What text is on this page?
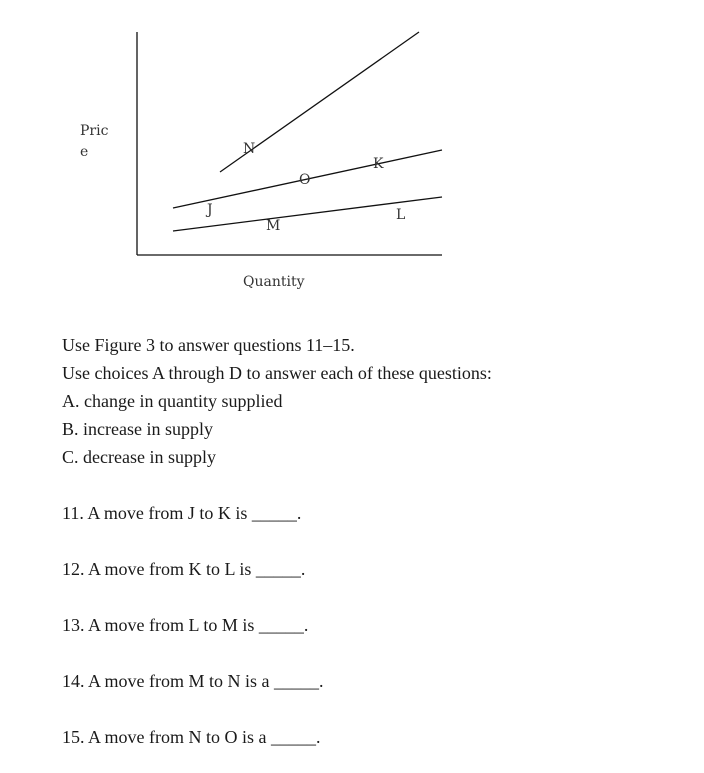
N
J
O
K
M
L

Price

Quantity

Use Figure 3 to answer questions 11–15.

Use choices A through D to answer each of these questions:

A. change in quantity supplied

B. increase in supply

C. decrease in supply

11. A move from J to K is _____.

12. A move from K to L is _____.

13. A move from L to M is _____.

14. A move from M to N is a _____.

15. A move from N to O is a _____.
